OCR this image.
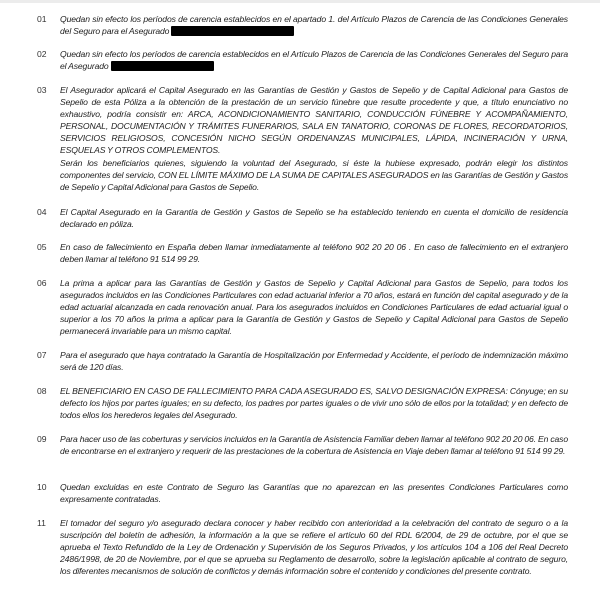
01 Quedan sin efecto los períodos de carencia establecidos en el apartado 1. del Artículo Plazos de Carencia de las Condiciones Generales del Seguro para el Asegurado
02 Quedan sin efecto los períodos de carencia establecidos en el Artículo Plazos de Carencia de las Condiciones Generales del Seguro para el Asegurado
03 El Asegurador aplicará el Capital Asegurado en las Garantías de Gestión y Gastos de Sepelio y de Capital Adicional para Gastos de Sepelio de esta Póliza a la obtención de la prestación de un servicio fúnebre que resulte procedente y que, a título enunciativo no exhaustivo, podría consistir en: ARCA, ACONDICIONAMIENTO SANITARIO, CONDUCCIÓN FÚNEBRE Y ACOMPAÑAMIENTO, PERSONAL, DOCUMENTACIÓN Y TRÁMITES FUNERARIOS, SALA EN TANATORIO, CORONAS DE FLORES, RECORDATORIOS, SERVICIOS RELIGIOSOS, CONCESIÓN NICHO SEGÚN ORDENANZAS MUNICIPALES, LÁPIDA, INCINERACIÓN Y URNA, ESQUELAS Y OTROS COMPLEMENTOS.

Serán los beneficiarios quienes, siguiendo la voluntad del Asegurado, si éste la hubiese expresado, podrán elegir los distintos componentes del servicio, CON EL LÍMITE MÁXIMO DE LA SUMA DE CAPITALES ASEGURADOS en las Garantías de Gestión y Gastos de Sepelio y Capital Adicional para Gastos de Sepelio.

04 El Capital Asegurado en la Garantía de Gestión y Gastos de Sepelio se ha establecido teniendo en cuenta el domicilio de residencia declarado en póliza.
05 En caso de fallecimiento en España deben llamar inmediatamente al teléfono 902 20 20 06 . En caso de fallecimiento en el extranjero deben llamar al teléfono 91 514 99 29.
06 La prima a aplicar para las Garantías de Gestión y Gastos de Sepelio y Capital Adicional para Gastos de Sepelio, para todos los asegurados incluidos en las Condiciones Particulares con edad actuarial inferior a 70 años, estará en función del capital asegurado y de la edad actuarial alcanzada en cada renovación anual. Para los asegurados incluidos en Condiciones Particulares de edad actuarial igual o superior a los 70 años la prima a aplicar para la Garantía de Gestión y Gastos de Sepelio y Capital Adicional para Gastos de Sepelio permanecerá invariable para un mismo capital.
07 Para el asegurado que haya contratado la Garantía de Hospitalización por Enfermedad y Accidente, el período de indemnización máximo será de 120 días.
08 EL BENEFICIARIO EN CASO DE FALLECIMIENTO PARA CADA ASEGURADO ES, SALVO DESIGNACIÓN EXPRESA: Cónyuge; en su defecto los hijos por partes iguales; en su defecto, los padres por partes iguales o de vivir uno sólo de ellos por la totalidad; y en defecto de todos ellos los herederos legales del Asegurado.
09 Para hacer uso de las coberturas y servicios incluidos en la Garantía de Asistencia Familiar deben llamar al teléfono 902 20 20 06. En caso de encontrarse en el extranjero y requerir de las prestaciones de la cobertura de Asistencia en Viaje deben llamar al teléfono 91 514 99 29.
10 Quedan excluidas en este Contrato de Seguro las Garantías que no aparezcan en las presentes Condiciones Particulares como expresamente contratadas.
11 El tomador del seguro y/o asegurado declara conocer y haber recibido con anterioridad a la celebración del contrato de seguro o a la suscripción del boletín de adhesión, la información a la que se refiere el artículo 60 del RDL 6/2004, de 29 de octubre, por el que se aprueba el Texto Refundido de la Ley de Ordenación y Supervisión de los Seguros Privados, y los artículos 104 a 106 del Real Decreto 2486/1998, de 20 de Noviembre, por el que se aprueba su Reglamento de desarrollo, sobre la legislación aplicable al contrato de seguro, los diferentes mecanismos de solución de conflictos y demás información sobre el contenido y condiciones del presente contrato.
